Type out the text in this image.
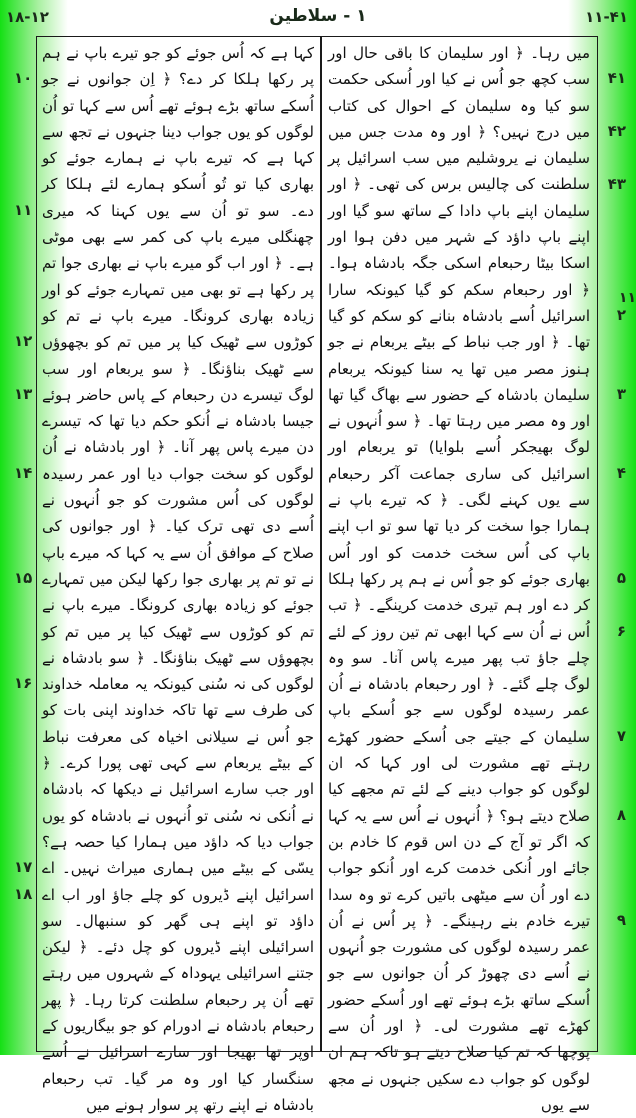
۱۸-۱۲	۱ - سلاطین	۱۱-۴۱
۱۱

میں رہا۔ ﴿ اور سلیمان کا باقی حال اور سب کچھ جو اُس نے کیا اور اُسکی حکمت سو کیا وہ سلیمان کے احوال کی کتاب میں درج نہیں؟ ﴿ اور وہ مدت جس میں سلیمان نے یروشلیم میں سب اسرائیل پر سلطنت کی چالیس برس کی تھی۔ ﴿ اور سلیمان اپنے باپ دادا کے ساتھ سو گیا اور اپنے باپ داؤد کے شہر میں دفن ہوا اور اسکا بیٹا رحبعام اسکی جگہ بادشاہ ہوا۔ ﴿ اور رحبعام سکم کو گیا کیونکہ سارا اسرائیل اُسے بادشاہ بنانے کو سکم کو گیا تھا۔ ﴿ اور جب نباط کے بیٹے یربعام نے جو ہنوز مصر میں تھا یہ سنا کیونکہ یربعام سلیمان بادشاہ کے حضور سے بھاگ گیا تھا اور وہ مصر میں رہتا تھا۔ ﴿ سو اُنہوں نے لوگ بھیجکر اُسے بلوایا) تو یربعام اور اسرائیل کی ساری جماعت آکر رحبعام سے یوں کہنے لگی۔ ﴿ کہ تیرے باپ نے ہمارا جوا سخت کر دیا تھا سو تو اب اپنے باپ کی اُس سخت خدمت کو اور اُس بھاری جوئے کو جو اُس نے ہم پر رکھا ہلکا کر دے اور ہم تیری خدمت کرینگے۔ ﴿ تب اُس نے اُن سے کہا ابھی تم تین روز کے لئے چلے جاؤ تب پھر میرے پاس آنا۔ سو وہ لوگ چلے گئے۔ ﴿ اور رحبعام بادشاہ نے اُن عمر رسیدہ لوگوں سے جو اُسکے باپ سلیمان کے جیتے جی اُسکے حضور کھڑے رہتے تھے مشورت لی اور کہا کہ ان لوگوں کو جواب دینے کے لئے تم مجھے کیا صلاح دیتے ہو؟ ﴿ اُنہوں نے اُس سے یہ کہا کہ اگر تو آج کے دن اس قوم کا خادم بن جائے اور اُنکی خدمت کرے اور اُنکو جواب دے اور اُن سے میٹھی باتیں کرے تو وہ سدا تیرے خادم بنے رہینگے۔ ﴿ پر اُس نے اُن عمر رسیدہ لوگوں کی مشورت جو اُنہوں نے اُسے دی چھوڑ کر اُن جوانوں سے جو اُسکے ساتھ بڑے ہوئے تھے اور اُسکے حضور کھڑے تھے مشورت لی۔ ﴿ اور اُن سے پوچھا کہ تم کیا صلاح دیتے ہو تاکہ ہم ان لوگوں کو جواب دے سکیں جنہوں نے مجھ سے یوں

کہا ہے کہ اُس جوئے کو جو تیرے باپ نے ہم پر رکھا ہلکا کر دے؟ ﴿ اِن جوانوں نے جو اُسکے ساتھ بڑے ہوئے تھے اُس سے کہا تو اُن لوگوں کو یوں جواب دینا جنہوں نے تجھ سے کہا ہے کہ تیرے باپ نے ہمارے جوئے کو بھاری کیا تو تُو اُسکو ہمارے لئے ہلکا کر دے۔ سو تو اُن سے یوں کہنا کہ میری چھنگلی میرے باپ کی کمر سے بھی موٹی ہے۔ ﴿ اور اب گو میرے باپ نے بھاری جوا تم پر رکھا ہے تو بھی میں تمہارے جوئے کو اور زیادہ بھاری کرونگا۔ میرے باپ نے تم کو کوڑوں سے ٹھیک کیا پر میں تم کو بچھوؤں سے ٹھیک بناؤنگا۔ ﴿ سو یربعام اور سب لوگ تیسرے دن رحبعام کے پاس حاضر ہوئے جیسا بادشاہ نے اُنکو حکم دیا تھا کہ تیسرے دن میرے پاس پھر آنا۔ ﴿ اور بادشاہ نے اُن لوگوں کو سخت جواب دیا اور عمر رسیدہ لوگوں کی اُس مشورت کو جو اُنہوں نے اُسے دی تھی ترک کیا۔ ﴿ اور جوانوں کی صلاح کے موافق اُن سے یہ کہا کہ میرے باپ نے تو تم پر بھاری جوا رکھا لیکن میں تمہارے جوئے کو زیادہ بھاری کرونگا۔ میرے باپ نے تم کو کوڑوں سے ٹھیک کیا پر میں تم کو بچھوؤں سے ٹھیک بناؤنگا۔ ﴿ سو بادشاہ نے لوگوں کی نہ سُنی کیونکہ یہ معاملہ خداوند کی طرف سے تھا تاکہ خداوند اپنی بات کو جو اُس نے سیلانی اخیاہ کی معرفت نباط کے بیٹے یربعام سے کہی تھی پورا کرے۔ ﴿ اور جب سارے اسرائیل نے دیکھا کہ بادشاہ نے اُنکی نہ سُنی تو اُنہوں نے بادشاہ کو یوں جواب دیا کہ داؤد میں ہمارا کیا حصہ ہے؟ یسّی کے بیٹے میں ہماری میراث نہیں۔ اے اسرائیل اپنے ڈیروں کو چلے جاؤ اور اب اے داؤد تو اپنے ہی گھر کو سنبھال۔ سو اسرائیلی اپنے ڈیروں کو چل دئے۔ ﴿ لیکن جتنے اسرائیلی یہوداہ کے شہروں میں رہتے تھے اُن پر رحبعام سلطنت کرتا رہا۔ ﴿ پھر رحبعام بادشاہ نے ادورام کو جو بیگاریوں کے اوپر تھا بھیجا اور سارے اسرائیل نے اُسے سنگسار کیا اور وہ مر گیا۔ تب رحبعام بادشاہ نے اپنے رتھ پر سوار ہونے میں

۴۱
۴۲
۴۳
۲
۳
۴
۵
۶
۷
۸
۹
۱۰
۱۱
۱۲
۱۳
۱۴
۱۵
۱۶
۱۷
۱۸
